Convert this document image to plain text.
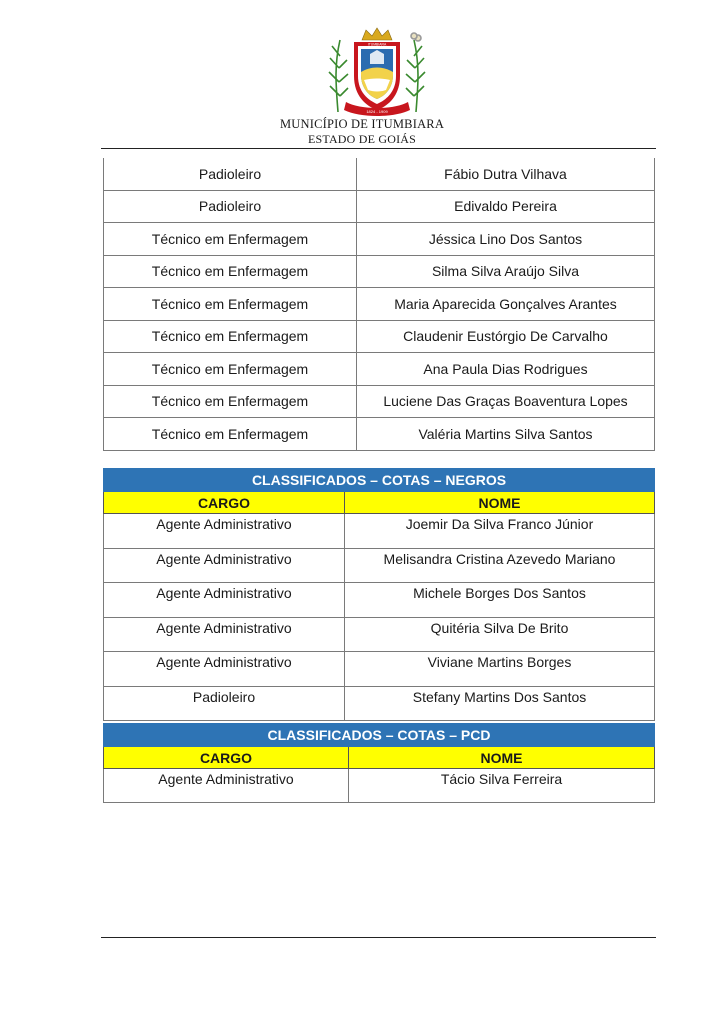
1824 - 1909
ITUMBIARA
MUNICÍPIO DE ITUMBIARA
ESTADO DE GOIÁS
Padioleiro	Fábio Dutra Vilhava
Padioleiro	Edivaldo Pereira
Técnico em Enfermagem	Jéssica Lino Dos Santos
Técnico em Enfermagem	Silma Silva Araújo Silva
Técnico em Enfermagem	Maria Aparecida Gonçalves Arantes
Técnico em Enfermagem	Claudenir Eustórgio De Carvalho
Técnico em Enfermagem	Ana Paula Dias Rodrigues
Técnico em Enfermagem	Luciene Das Graças Boaventura Lopes
Técnico em Enfermagem	Valéria Martins Silva Santos
CLASSIFICADOS – COTAS – NEGROS	
CARGO	NOME
Agente Administrativo	Joemir Da Silva Franco Júnior
Agente Administrativo	Melisandra Cristina Azevedo Mariano
Agente Administrativo	Michele Borges Dos Santos
Agente Administrativo	Quitéria Silva De Brito
Agente Administrativo	Viviane Martins Borges
Padioleiro	Stefany Martins Dos Santos
CLASSIFICADOS – COTAS – PCD	
CARGO	NOME
Agente Administrativo	Tácio Silva Ferreira
